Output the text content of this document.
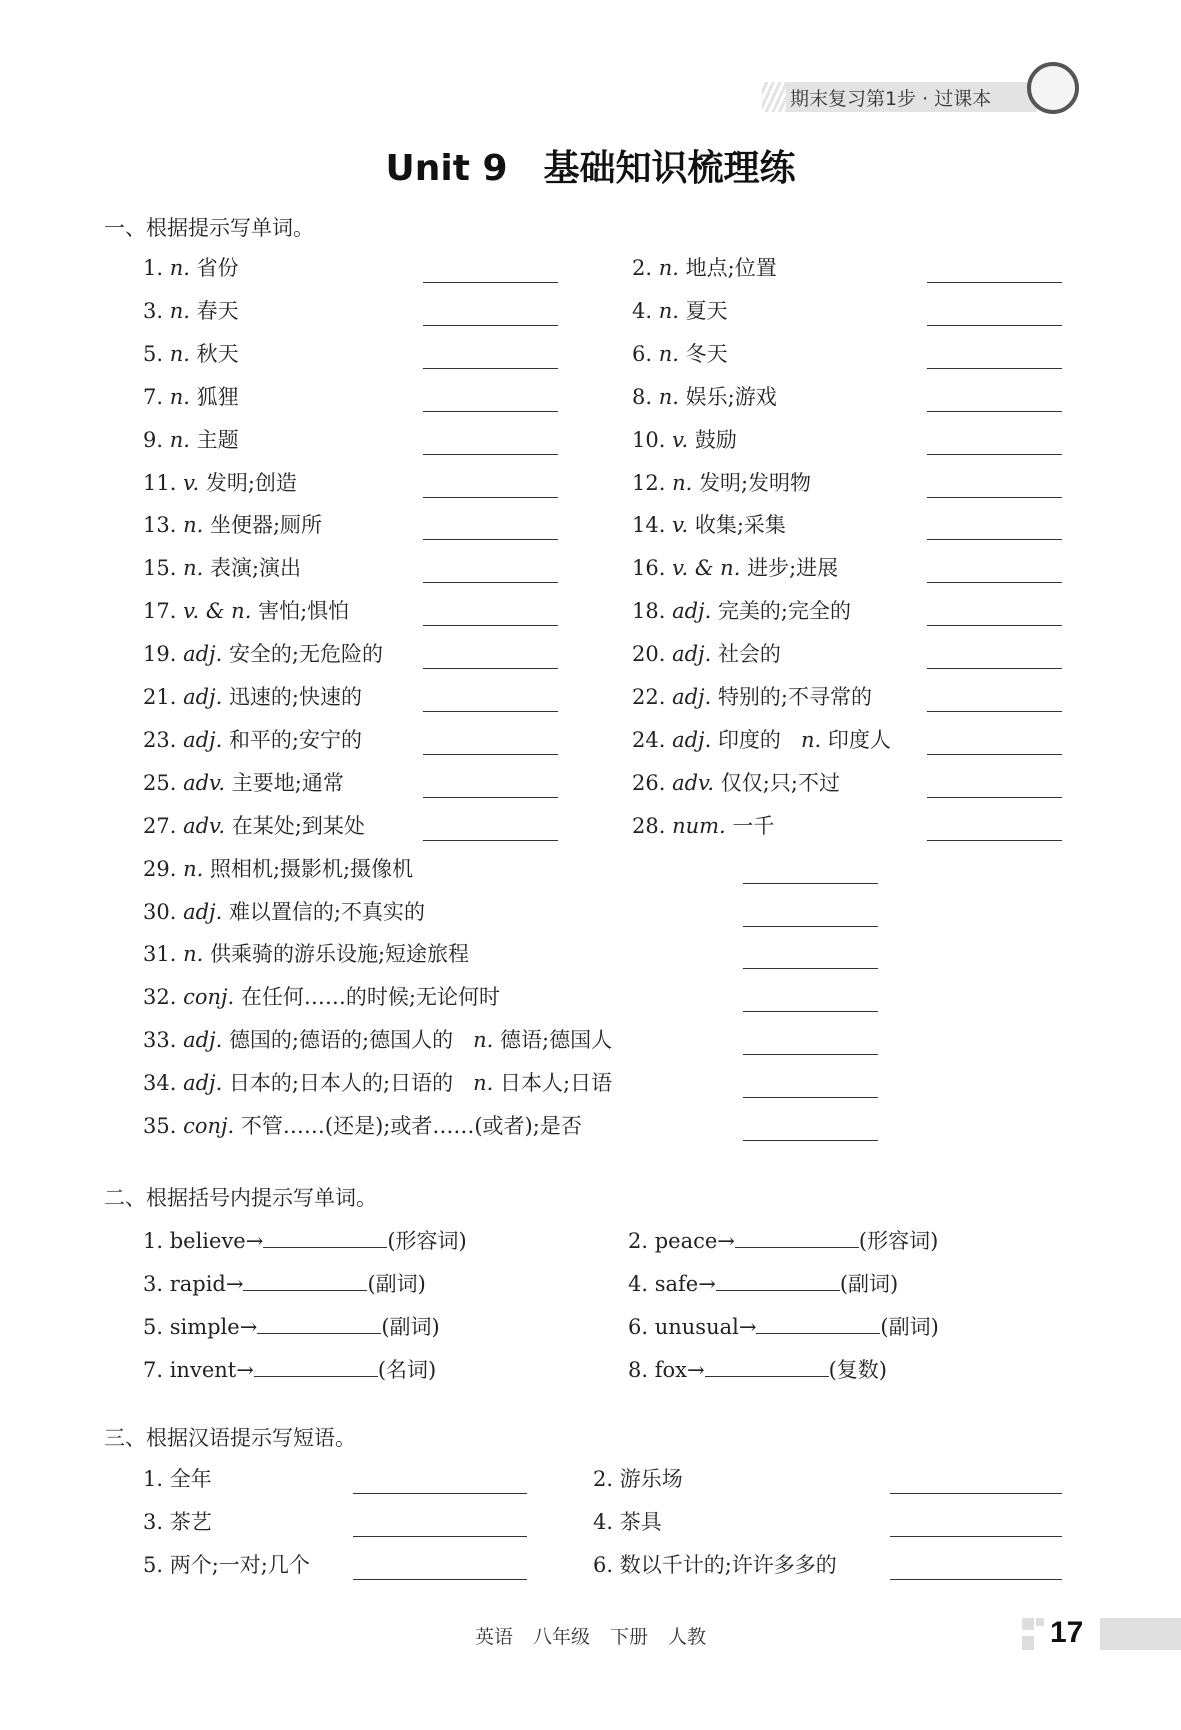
期末复习第1步 · 过课本
Unit 9　基础知识梳理练
一、根据提示写单词。
二、根据括号内提示写单词。
三、根据汉语提示写短语。
1. n. 省份	2. n. 地点;位置
3. n. 春天	4. n. 夏天
5. n. 秋天	6. n. 冬天
7. n. 狐狸	8. n. 娱乐;游戏
9. n. 主题	10. v. 鼓励
11. v. 发明;创造	12. n. 发明;发明物
13. n. 坐便器;厕所	14. v. 收集;采集
15. n. 表演;演出	16. v. & n. 进步;进展
17. v. & n. 害怕;惧怕	18. adj. 完美的;完全的
19. adj. 安全的;无危险的	20. adj. 社会的
21. adj. 迅速的;快速的	22. adj. 特别的;不寻常的
23. adj. 和平的;安宁的	24. adj. 印度的 n. 印度人
25. adv. 主要地;通常	26. adv. 仅仅;只;不过
27. adv. 在某处;到某处	28. num. 一千
29. n. 照相机;摄影机;摄像机
30. adj. 难以置信的;不真实的
31. n. 供乘骑的游乐设施;短途旅程
32. conj. 在任何……的时候;无论何时
33. adj. 德国的;德语的;德国人的 n. 德语;德国人
34. adj. 日本的;日本人的;日语的 n. 日本人;日语
35. conj. 不管……(还是);或者……(或者);是否
1. believe→	(形容词)	2. peace→	(形容词)
3. rapid→	(副词)	4. safe→	(副词)
5. simple→	(副词)	6. unusual→	(副词)
7. invent→	(名词)	8. fox→	(复数)
1. 全年	2. 游乐场
3. 茶艺	4. 茶具
5. 两个;一对;几个	6. 数以千计的;许许多多的
英语 八年级 下册 人教	17
